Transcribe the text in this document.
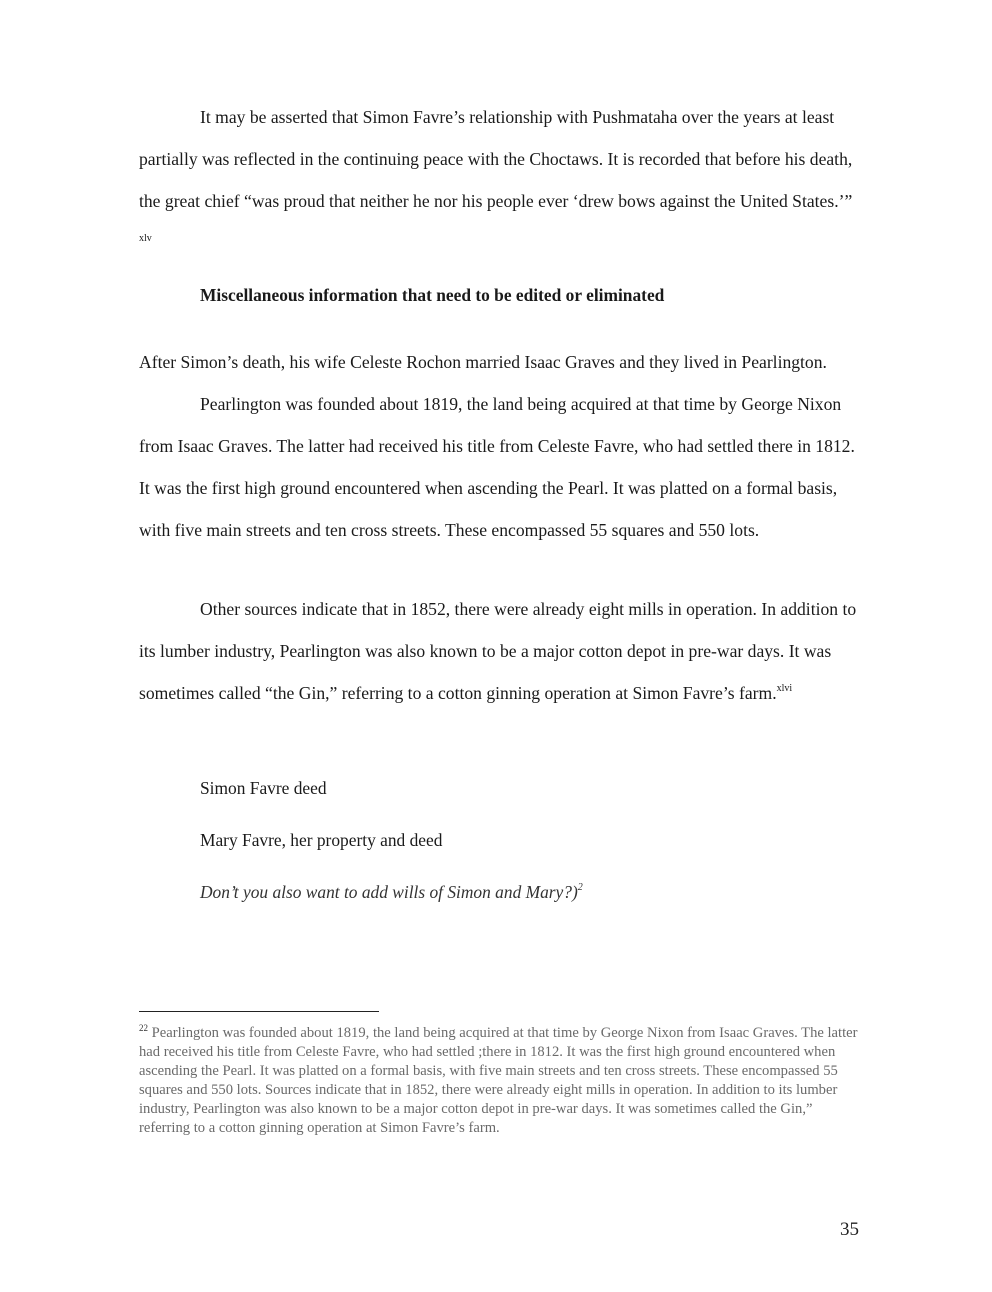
It may be asserted that Simon Favre’s relationship with Pushmataha over the years at least partially was reflected in the continuing peace with the Choctaws. It is recorded that before his death, the great chief “was proud that neither he nor his people ever ‘drew bows against the United States.’” $^{xlv}$

Miscellaneous information that need to be edited or eliminated

After Simon’s death, his wife Celeste Rochon married Isaac Graves and they lived in Pearlington.
Pearlington was founded about 1819, the land being acquired at that time by George Nixon from Isaac Graves. The latter had received his title from Celeste Favre, who had settled there in 1812. It was the first high ground encountered when ascending the Pearl. It was platted on a formal basis, with five main streets and ten cross streets. These encompassed 55 squares and 550 lots.

Other sources indicate that in 1852, there were already eight mills in operation. In addition to its lumber industry, Pearlington was also known to be a major cotton depot in pre-war days. It was sometimes called “the Gin,” referring to a cotton ginning operation at Simon Favre’s farm.$^{xlvi}$

Simon Favre deed

Mary Favre, her property and deed

Don’t you also want to add wills of Simon and Mary?)$^2$

$^{22}$ Pearlington was founded about 1819, the land being acquired at that time by George Nixon from Isaac Graves. The latter had received his title from Celeste Favre, who had settled ;there in 1812. It was the first high ground encountered when ascending the Pearl. It was platted on a formal basis, with five main streets and ten cross streets. These encompassed 55 squares and 550 lots. Sources indicate that in 1852, there were already eight mills in operation. In addition to its lumber industry, Pearlington was also known to be a major cotton depot in pre-war days. It was sometimes called the Gin,” referring to a cotton ginning operation at Simon Favre’s farm.

35
